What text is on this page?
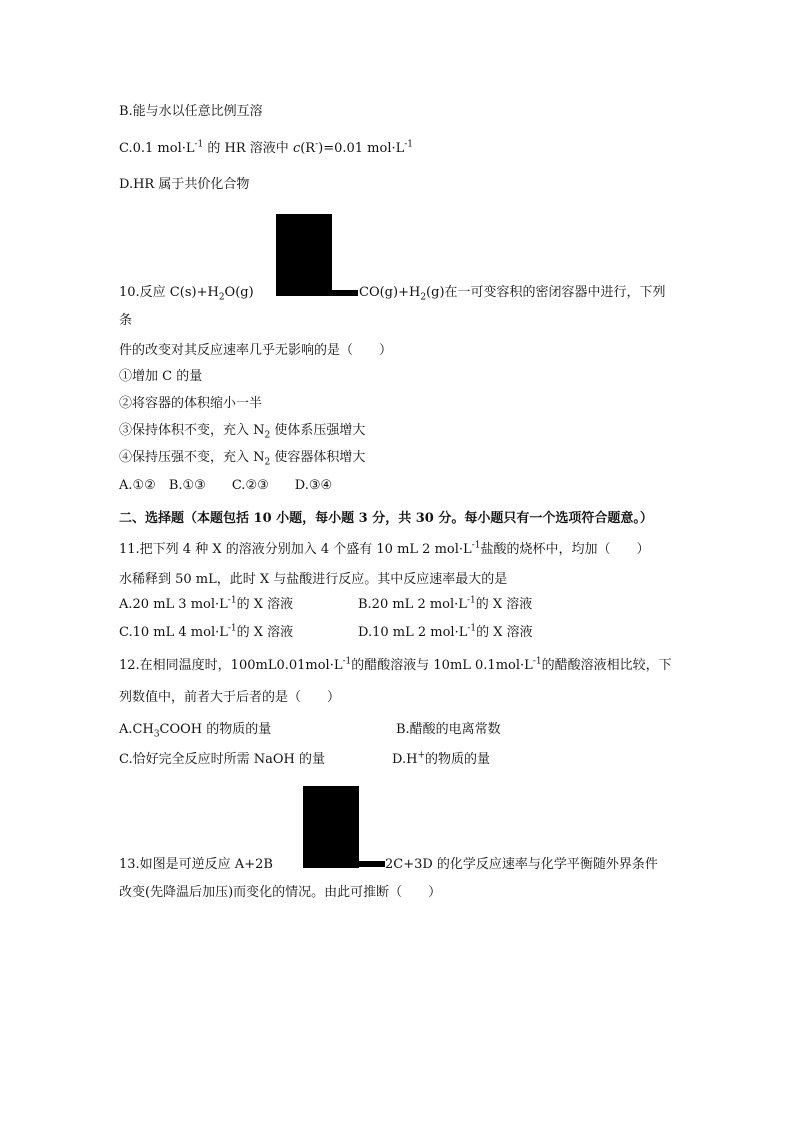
B.能与水以任意比例互溶
C.0.1 $mol\cdot L^{-1}$ 的 HR 溶液中 c(R-)=0.01 $mol\cdot L^{-1}$
D.HR 属于共价化合物
10.反应 $C(s)+H_2O(g)$	$CO(g)+H_2(g)$在一可变容积的密闭容器中进行，下列
条
件的改变对其反应速率几乎无影响的是（　　）
①增加 C 的量
②将容器的体积缩小一半
③保持体积不变，充入 $N_2$ 使体系压强增大
④保持压强不变，充入 $N_2$ 使容器体积增大
A.①②　B.①③　　C.②③　　D.③④
二、选择题（本题包括 10 小题，每小题 3 分，共 30 分。每小题只有一个选项符合题意。）
11.把下列 4 种 X 的溶液分别加入 4 个盛有 10 mL 2 $mol\cdot L^{-1}$盐酸的烧杯中，均加（　　）
水稀释到 50 mL，此时 X 与盐酸进行反应。其中反应速率最大的是
A.20 mL 3 $mol\cdot L^{-1}$的 X 溶液	B.20 mL 2 $mol\cdot L^{-1}$的 X 溶液
C.10 mL 4 $mol\cdot L^{-1}$的 X 溶液	D.10 mL 2 $mol\cdot L^{-1}$的 X 溶液
12.在相同温度时，$100mL0.01mol\cdot L^{-1}$的醋酸溶液与 10mL $0.1mol\cdot L^{-1}$的醋酸溶液相比较，下
列数值中，前者大于后者的是（　　）
$A.CH_3COOH$ 的物质的量	B.醋酸的电离常数
C.恰好完全反应时所需 NaOH 的量	D.H+的物质的量
13.如图是可逆反应 A+2B	2C+3D 的化学反应速率与化学平衡随外界条件
改变(先降温后加压)而变化的情况。由此可推断（　　）
